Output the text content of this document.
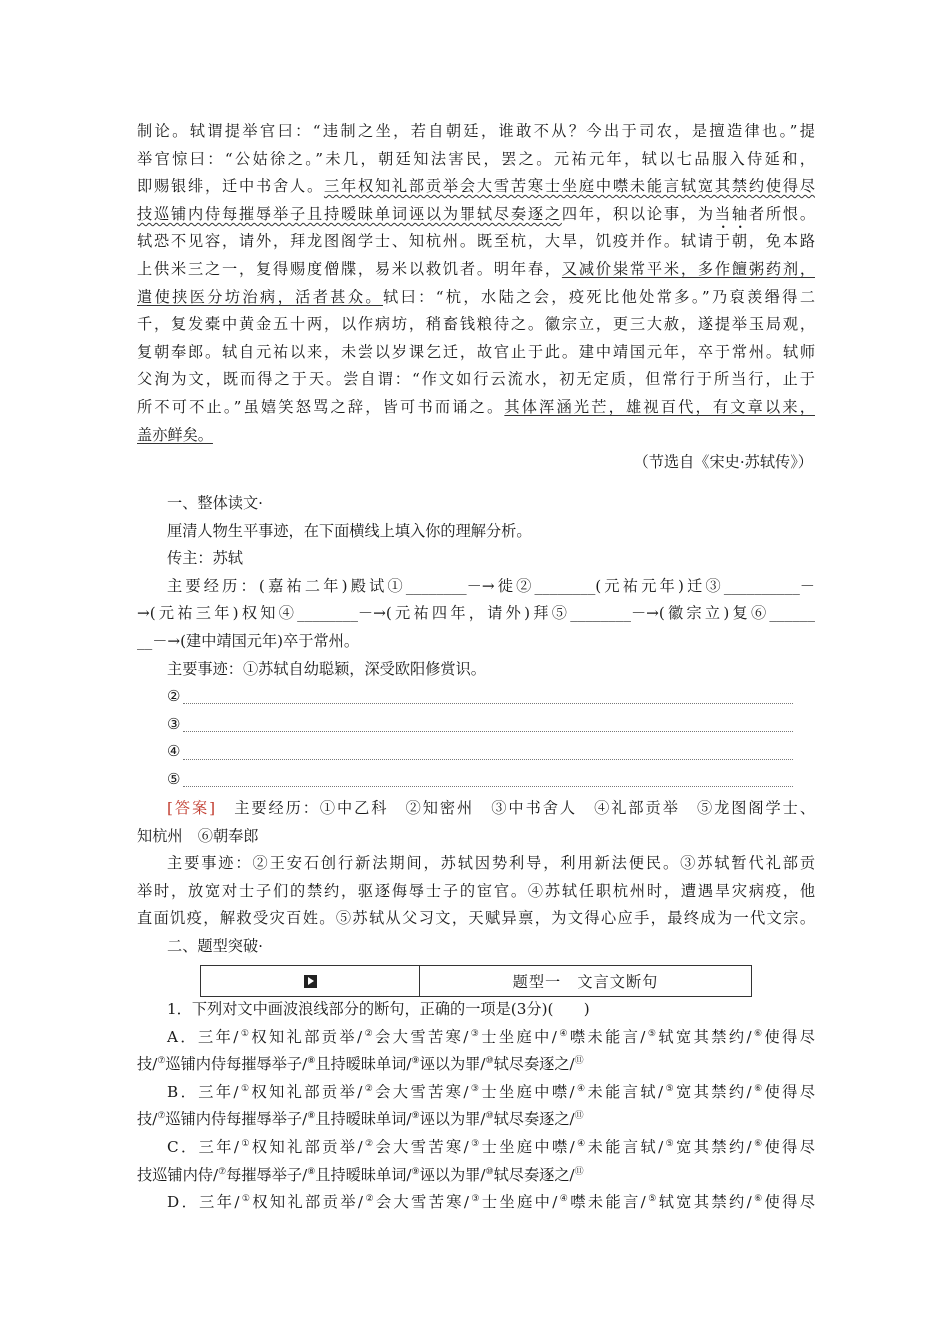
制论。轼谓提举官曰：“违制之坐，若自朝廷，谁敢不从？今出于司农，是擅造律也。”提
举官惊曰：“公姑徐之。”未几，朝廷知法害民，罢之。元祐元年，轼以七品服入侍延和，
即赐银绯，迁中书舍人。三年权知礼部贡举会大雪苦寒士坐庭中噤未能言轼宽其禁约使得尽
技巡铺内侍每摧辱举子且持暧昧单词诬以为罪轼尽奏逐之四年，积以论事，为当轴者所恨。
轼恐不见容，请外，拜龙图阁学士、知杭州。既至杭，大旱，饥疫并作。轼请于朝，免本路
上供米三之一，复得赐度僧牒，易米以救饥者。明年春，又减价粜常平米，多作饘粥药剂，
遣使挟医分坊治病，活者甚众。轼曰：“杭，水陆之会，疫死比他处常多。”乃裒羡缗得二
千，复发橐中黄金五十两，以作病坊，稍畜钱粮待之。徽宗立，更三大赦，遂提举玉局观，
复朝奉郎。轼自元祐以来，未尝以岁课乞迁，故官止于此。建中靖国元年，卒于常州。轼师
父洵为文，既而得之于天。尝自谓：“作文如行云流水，初无定质，但常行于所当行，止于
所不可不止。”虽嬉笑怒骂之辞，皆可书而诵之。其体浑涵光芒，雄视百代，有文章以来，
盖亦鲜矣。
（节选自《宋史·苏轼传》）
一、整体读文·
厘清人物生平事迹，在下面横线上填入你的理解分析。
传主：苏轼
主要经历：(嘉祐二年)殿试①________－→徙②________(元祐元年)迁③__________－
→(元祐三年)权知④________－→(元祐四年，请外)拜⑤________－→(徽宗立)复⑥______
__－→(建中靖国元年)卒于常州。
主要事迹：①苏轼自幼聪颖，深受欧阳修赏识。
②
③
④
⑤
[答案]　 主要经历：①中乙科　②知密州　③中书舍人　④礼部贡举　⑤龙图阁学士、
知杭州　⑥朝奉郎
主要事迹：②王安石创行新法期间，苏轼因势利导，利用新法便民。③苏轼暂代礼部贡
举时，放宽对士子们的禁约，驱逐侮辱士子的宦官。④苏轼任职杭州时，遭遇旱灾病疫，他
直面饥疫，解救受灾百姓。⑤苏轼从父习文，天赋异禀，为文得心应手，最终成为一代文宗。
二、题型突破·
题型一　文言文断句
1．下列对文中画波浪线部分的断句，正确的一项是(3分)(　　)
A．三年/①权知礼部贡举/②会大雪苦寒/③士坐庭中/④噤未能言/⑤轼宽其禁约/⑥使得尽
技/⑦巡铺内侍每摧辱举子/⑧且持暧昧单词/⑨诬以为罪/⑩轼尽奏逐之/⑪
B．三年/①权知礼部贡举/②会大雪苦寒/③士坐庭中噤/④未能言轼/⑤宽其禁约/⑥使得尽
技/⑦巡铺内侍每摧辱举子/⑧且持暧昧单词/⑨诬以为罪/⑩轼尽奏逐之/⑪
C．三年/①权知礼部贡举/②会大雪苦寒/③士坐庭中噤/④未能言轼/⑤宽其禁约/⑥使得尽
技巡铺内侍/⑦每摧辱举子/⑧且持暧昧单词/⑨诬以为罪/⑩轼尽奏逐之/⑪
D．三年/①权知礼部贡举/②会大雪苦寒/③士坐庭中/④噤未能言/⑤轼宽其禁约/⑥使得尽
